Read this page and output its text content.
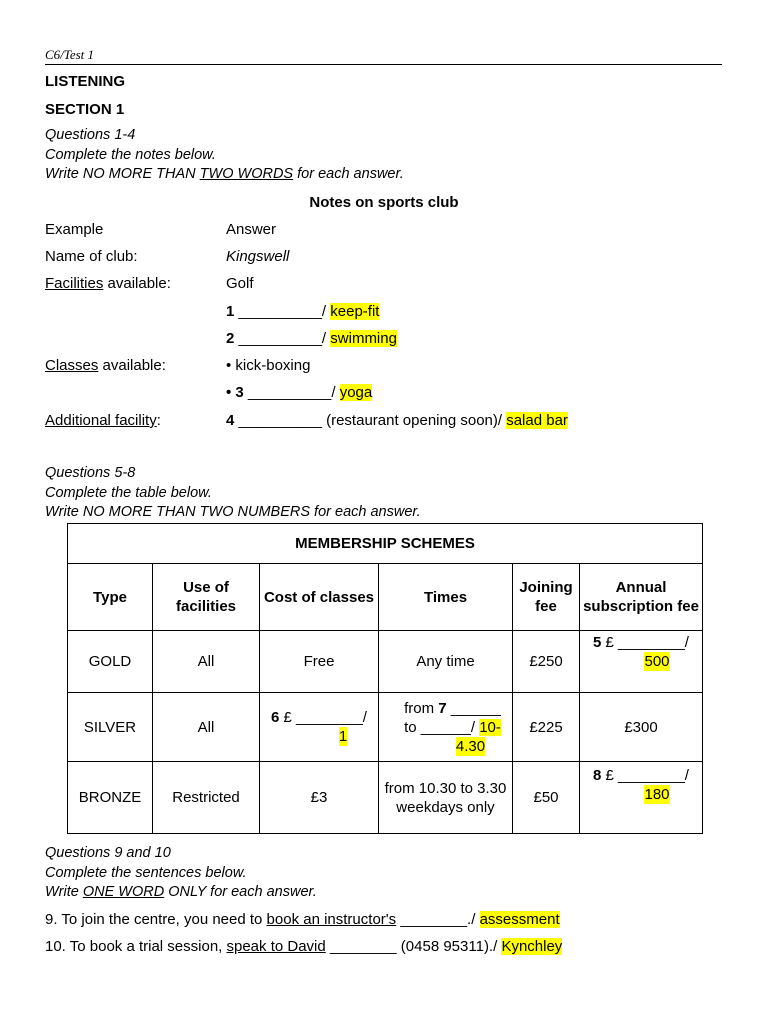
C6/Test 1
LISTENING
SECTION 1
Questions 1-4
Complete the notes below.
Write NO MORE THAN TWO WORDS for each answer.
Notes on sports club
Example	Answer
Name of club:	Kingswell
Facilities available:	Golf
1 __________/ keep-fit
2 __________/ swimming
Classes available:	• kick-boxing
• 3 __________/ yoga
Additional facility:	4 __________ (restaurant opening soon)/ salad bar
Questions 5-8
Complete the table below.
Write NO MORE THAN TWO NUMBERS for each answer.
MEMBERSHIP SCHEMES					
Type	Use of facilities	Cost of classes	Times	Joining fee	Annual subscription fee
GOLD	All	Free	Any time	£250	5 £ ________/
500
SILVER	All	6 £ ________/
1	from 7 ______
to ______/ 10-
4.30	£225	£300
BRONZE	Restricted	£3	from 10.30 to 3.30
weekdays only	£50	8 £ ________/
180
Questions 9 and 10
Complete the sentences below.
Write ONE WORD ONLY for each answer.
9. To join the centre, you need to book an instructor's ________./ assessment
10. To book a trial session, speak to David ________ (0458 95311)./ Kynchley
